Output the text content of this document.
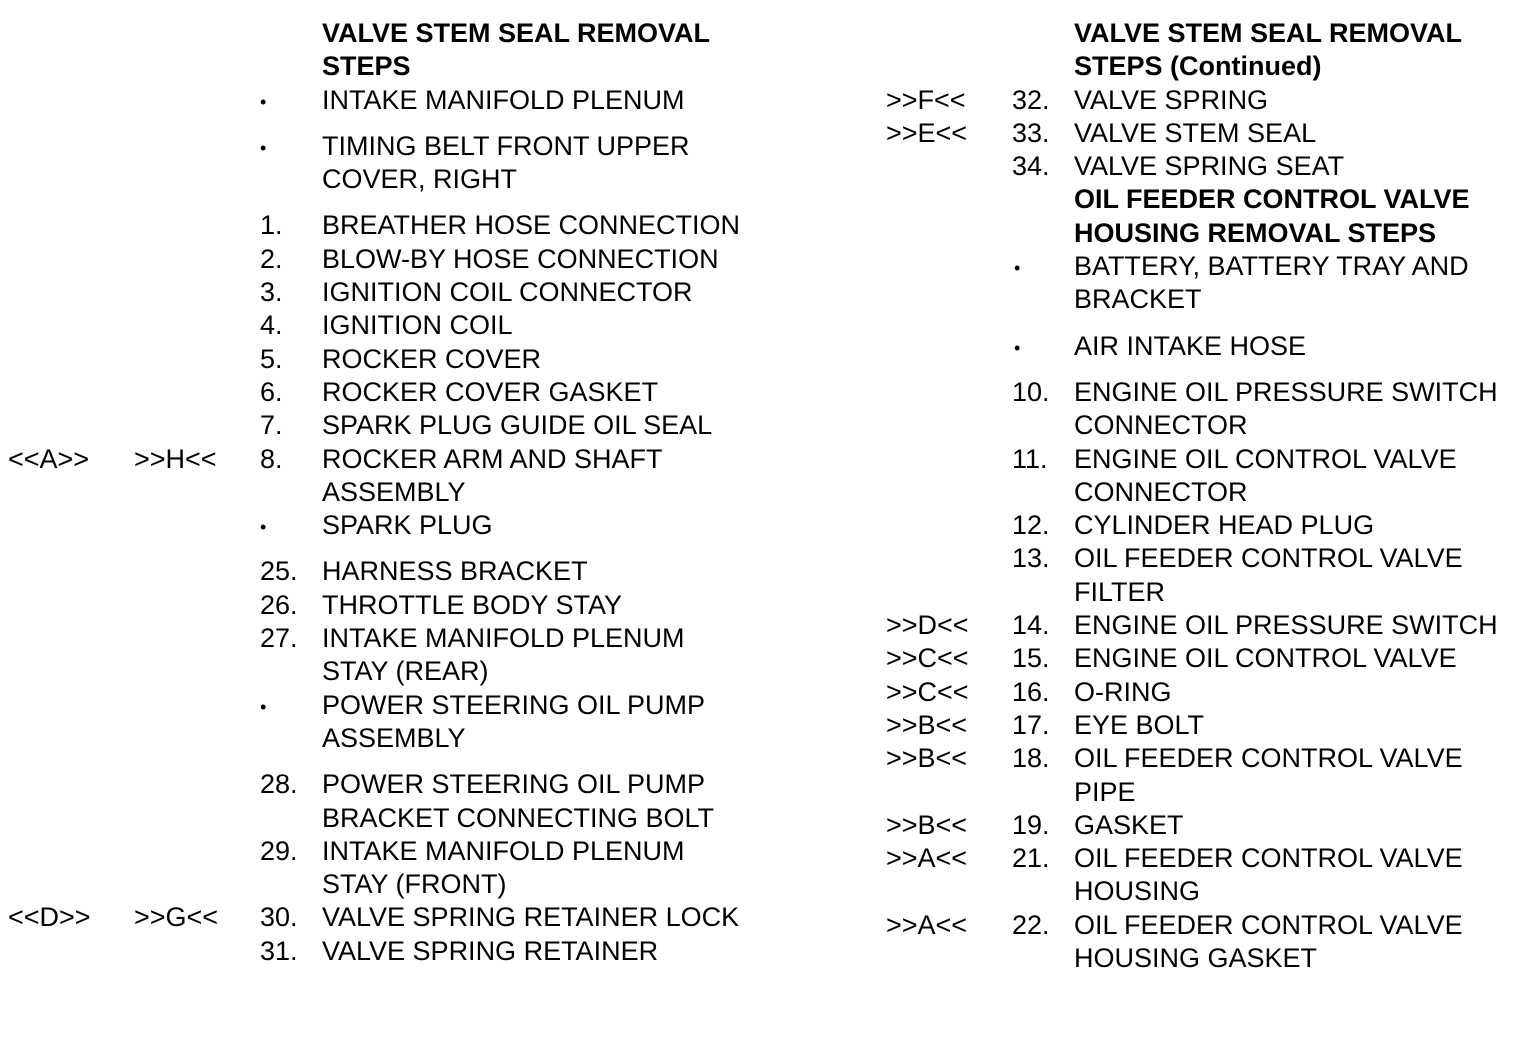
VALVE STEM SEAL REMOVAL STEPS
• INTAKE MANIFOLD PLENUM
• TIMING BELT FRONT UPPER COVER, RIGHT
1. BREATHER HOSE CONNECTION
2. BLOW-BY HOSE CONNECTION
3. IGNITION COIL CONNECTOR
4. IGNITION COIL
5. ROCKER COVER
6. ROCKER COVER GASKET
7. SPARK PLUG GUIDE OIL SEAL
<<A>> >>H<< 8. ROCKER ARM AND SHAFT ASSEMBLY
• SPARK PLUG
25. HARNESS BRACKET
26. THROTTLE BODY STAY
27. INTAKE MANIFOLD PLENUM STAY (REAR)
• POWER STEERING OIL PUMP ASSEMBLY
28. POWER STEERING OIL PUMP BRACKET CONNECTING BOLT
29. INTAKE MANIFOLD PLENUM STAY (FRONT)
<<D>> >>G<< 30. VALVE SPRING RETAINER LOCK
31. VALVE SPRING RETAINER
VALVE STEM SEAL REMOVAL STEPS (Continued)
>>F<< 32. VALVE SPRING
>>E<< 33. VALVE STEM SEAL
34. VALVE SPRING SEAT
OIL FEEDER CONTROL VALVE HOUSING REMOVAL STEPS
• BATTERY, BATTERY TRAY AND BRACKET
• AIR INTAKE HOSE
10. ENGINE OIL PRESSURE SWITCH CONNECTOR
11. ENGINE OIL CONTROL VALVE CONNECTOR
12. CYLINDER HEAD PLUG
13. OIL FEEDER CONTROL VALVE FILTER
>>D<< 14. ENGINE OIL PRESSURE SWITCH
>>C<< 15. ENGINE OIL CONTROL VALVE
>>C<< 16. O-RING
>>B<< 17. EYE BOLT
>>B<< 18. OIL FEEDER CONTROL VALVE PIPE
>>B<< 19. GASKET
>>A<< 21. OIL FEEDER CONTROL VALVE HOUSING
>>A<< 22. OIL FEEDER CONTROL VALVE HOUSING GASKET
